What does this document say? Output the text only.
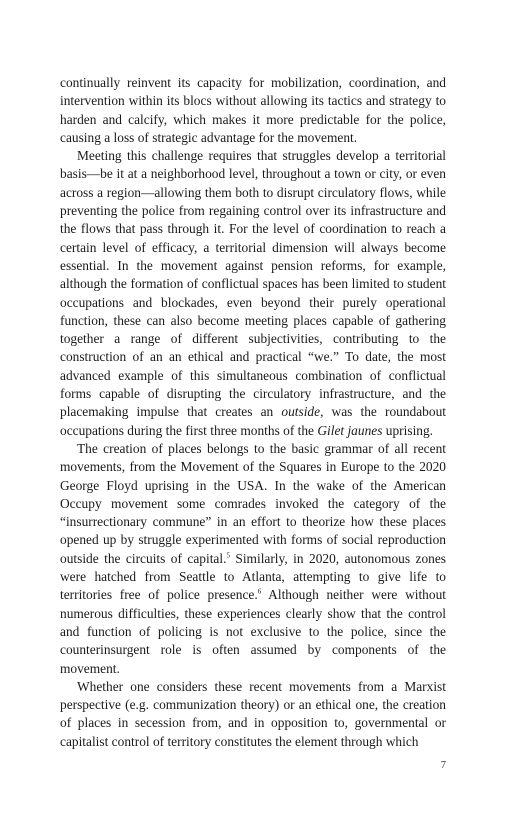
continually reinvent its capacity for mobilization, coordination, and intervention within its blocs without allowing its tactics and strategy to harden and calcify, which makes it more predictable for the police, causing a loss of strategic advantage for the movement.

Meeting this challenge requires that struggles develop a territorial basis—be it at a neighborhood level, throughout a town or city, or even across a region—allowing them both to disrupt circulatory flows, while preventing the police from regaining control over its infrastructure and the flows that pass through it. For the level of coordination to reach a certain level of efficacy, a territorial dimension will always become essential. In the movement against pension reforms, for example, although the formation of conflictual spaces has been limited to student occupations and blockades, even beyond their purely operational function, these can also become meeting places capable of gathering together a range of different subjectivities, contributing to the construction of an an ethical and practical “we.” To date, the most advanced example of this simultaneous combination of conflictual forms capable of disrupting the circulatory infrastructure, and the placemaking impulse that creates an outside, was the roundabout occupations during the first three months of the Gilet jaunes uprising.

The creation of places belongs to the basic grammar of all recent movements, from the Movement of the Squares in Europe to the 2020 George Floyd uprising in the USA. In the wake of the American Occupy movement some comrades invoked the category of the “insurrectionary commune” in an effort to theorize how these places opened up by struggle experimented with forms of social reproduction outside the circuits of capital.$^5$ Similarly, in 2020, autonomous zones were hatched from Seattle to Atlanta, attempting to give life to territories free of police presence.$^6$ Although neither were without numerous difficulties, these experiences clearly show that the control and function of policing is not exclusive to the police, since the counterinsurgent role is often assumed by components of the movement.

Whether one considers these recent movements from a Marxist perspective (e.g. communization theory) or an ethical one, the creation of places in secession from, and in opposition to, governmental or capitalist control of territory constitutes the element through which

7
